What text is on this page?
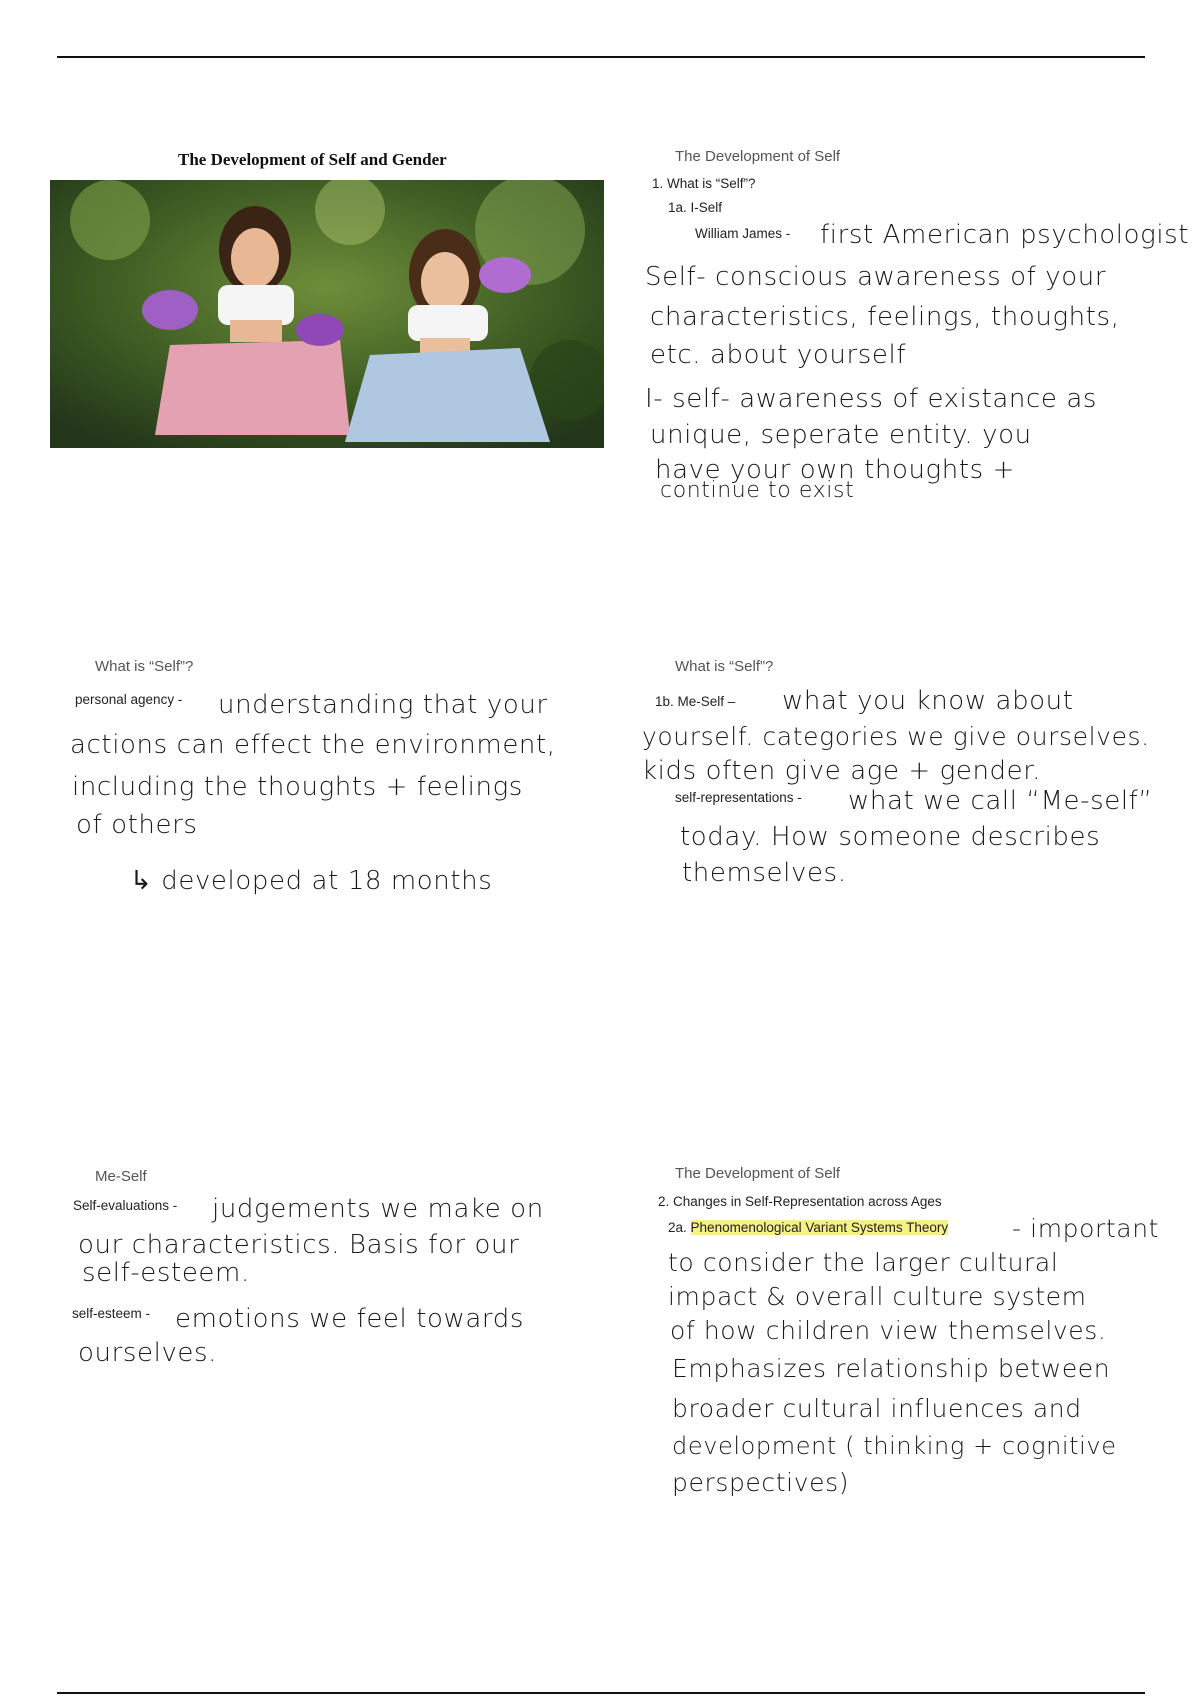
The Development of Self and Gender	The Development of Self
1. What is “Self”?
1a. I-Self
William James - first American psychologist
Self- conscious awareness of your
characteristics, feelings, thoughts,
etc. about yourself
I- self- awareness of existance as
unique, seperate entity. you
have your own thoughts +
continue to exist
What is “Self”?
personal agency - understanding that your
actions can effect the environment,
including the thoughts + feelings
of others
↳ developed at 18 months
What is “Self”?
1b. Me-Self – what you know about
yourself. categories we give ourselves.
kids often give age + gender.
self-representations - what we call “Me-self”
today. How someone describes
themselves.
Me-Self
Self-evaluations - judgements we make on
our characteristics. Basis for our
self-esteem.
self-esteem - emotions we feel towards
ourselves.
The Development of Self
2. Changes in Self-Representation across Ages
2a. Phenomenological Variant Systems Theory	- important
to consider the larger cultural
impact & overall culture system
of how children view themselves.
Emphasizes relationship between
broader cultural influences and
development ( thinking + cognitive
perspectives)
